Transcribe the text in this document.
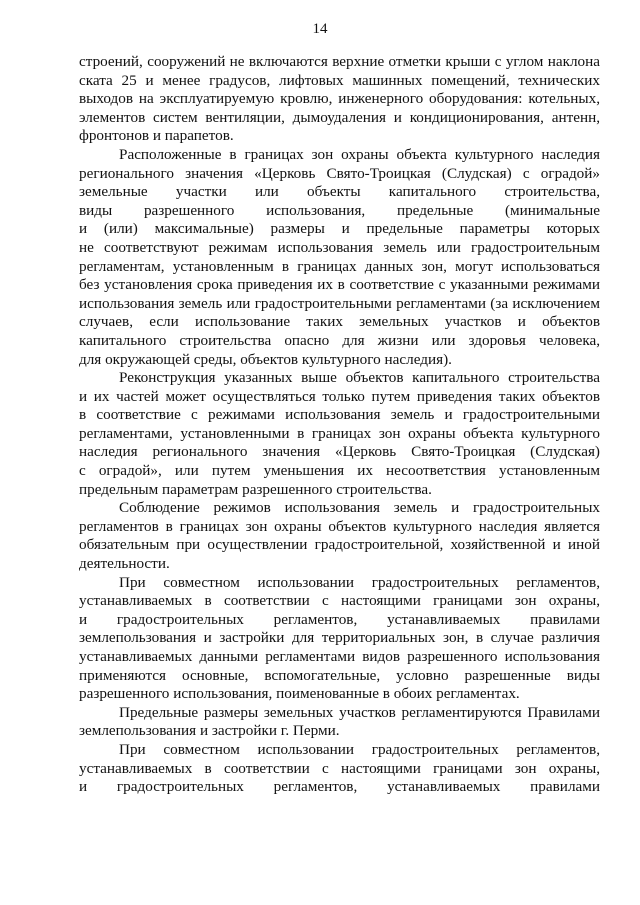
14
строений, сооружений не включаются верхние отметки крыши с углом наклона
ската 25 и менее градусов, лифтовых машинных помещений, технических
выходов на эксплуатируемую кровлю, инженерного оборудования: котельных,
элементов систем вентиляции, дымоудаления и кондиционирования, антенн,
фронтонов и парапетов.
Расположенные в границах зон охраны объекта культурного наследия
регионального значения «Церковь Свято-Троицкая (Слудская) с оградой»
земельные участки или объекты капитального строительства,
виды разрешенного использования, предельные (минимальные
и (или) максимальные) размеры и предельные параметры которых
не соответствуют режимам использования земель или градостроительным
регламентам, установленным в границах данных зон, могут использоваться
без установления срока приведения их в соответствие с указанными режимами
использования земель или градостроительными регламентами (за исключением
случаев, если использование таких земельных участков и объектов
капитального строительства опасно для жизни или здоровья человека,
для окружающей среды, объектов культурного наследия).
Реконструкция указанных выше объектов капитального строительства
и их частей может осуществляться только путем приведения таких объектов
в соответствие с режимами использования земель и градостроительными
регламентами, установленными в границах зон охраны объекта культурного
наследия регионального значения «Церковь Свято-Троицкая (Слудская)
с оградой», или путем уменьшения их несоответствия установленным
предельным параметрам разрешенного строительства.
Соблюдение режимов использования земель и градостроительных
регламентов в границах зон охраны объектов культурного наследия является
обязательным при осуществлении градостроительной, хозяйственной и иной
деятельности.
При совместном использовании градостроительных регламентов,
устанавливаемых в соответствии с настоящими границами зон охраны,
и градостроительных регламентов, устанавливаемых правилами
землепользования и застройки для территориальных зон, в случае различия
устанавливаемых данными регламентами видов разрешенного использования
применяются основные, вспомогательные, условно разрешенные виды
разрешенного использования, поименованные в обоих регламентах.
Предельные размеры земельных участков регламентируются Правилами
землепользования и застройки г. Перми.
При совместном использовании градостроительных регламентов,
устанавливаемых в соответствии с настоящими границами зон охраны,
и градостроительных регламентов, устанавливаемых правилами
